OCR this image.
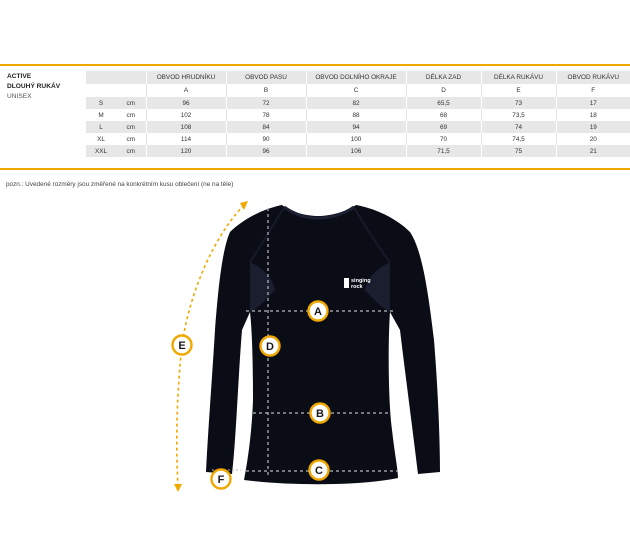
ACTIVE
DLOUHÝ RUKÁV
UNISEX
		OBVOD HRUDNÍKU	OBVOD PASU	OBVOD DOLNÍHO OKRAJE	DÉLKA ZAD	DÉLKA RUKÁVU	OBVOD RUKÁVU
		A	B	C	D	E	F
S	cm	96	72	82	65,5	73	17
M	cm	102	78	88	68	73,5	18
L	cm	108	84	94	69	74	19
XL	cm	114	90	100	70	74,5	20
XXL	cm	120	96	106	71,5	75	21
pozn.: Uvedené rozměry jsou změřené na konkrétním kusu oblečení (ne na těle)
singing
rock
A
B
C
D
E
F
